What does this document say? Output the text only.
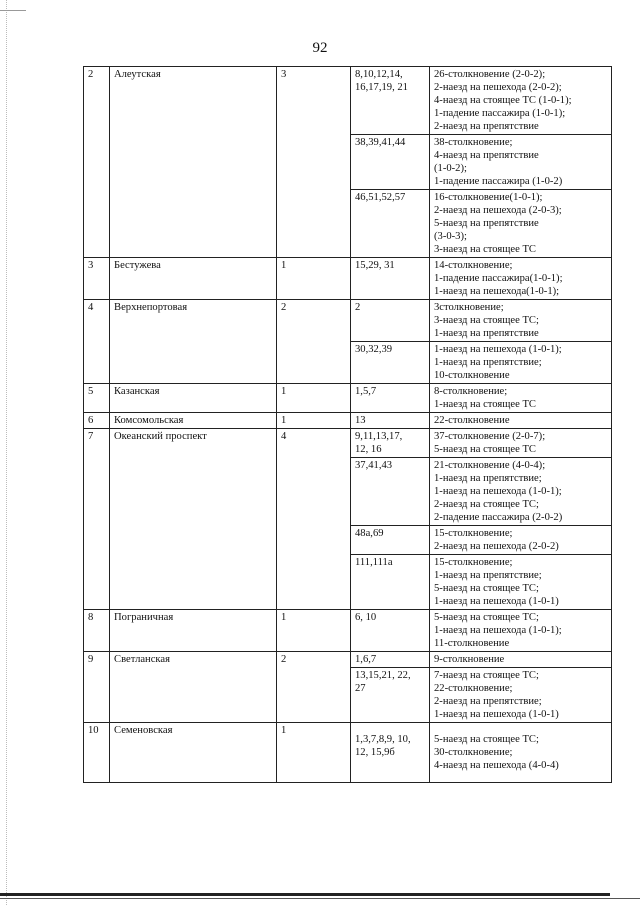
92
2	Алеутская	3	8,10,12,14,
16,17,19, 21	26-столкновение (2-0-2);
2-наезд на пешехода (2-0-2);
4-наезд на стоящее ТС (1-0-1);
1-падение пассажира (1-0-1);
2-наезд на препятствие

			38,39,41,44	38-столкновение;
4-наезд на препятствие
(1-0-2);
1-падение пассажира (1-0-2)

			46,51,52,57	16-столкновение(1-0-1);
2-наезд на пешехода (2-0-3);
5-наезд на препятствие
(3-0-3);
3-наезд на стоящее ТС

3	Бестужева	1	15,29, 31	14-столкновение;
1-падение пассажира(1-0-1);
1-наезд на пешехода(1-0-1);

4	Верхнепортовая	2	2	3столкновение;
3-наезд на стоящее ТС;
1-наезд на препятствие

			30,32,39	1-наезд на пешехода (1-0-1);
1-наезд на препятствие;
10-столкновение

5	Казанская	1	1,5,7	8-столкновение;
1-наезд на стоящее ТС

6	Комсомольская	1	13	22-столкновение

7	Океанский проспект	4	9,11,13,17,
12, 16	37-столкновение (2-0-7);
5-наезд на стоящее ТС

			37,41,43	21-столкновение (4-0-4);
1-наезд на препятствие;
1-наезд на пешехода (1-0-1);
2-наезд на стоящее ТС;
2-падение пассажира (2-0-2)

			48а,69	15-столкновение;
2-наезд на пешехода (2-0-2)

			111,111а	15-столкновение;
1-наезд на препятствие;
5-наезд на стоящее ТС;
1-наезд на пешехода (1-0-1)

8	Пограничная	1	6, 10	5-наезд на стоящее ТС;
1-наезд на пешехода (1-0-1);
11-столкновение

9	Светланская	2	1,6,7	9-столкновение

			13,15,21, 22,
27	7-наезд на стоящее ТС;
22-столкновение;
2-наезд на препятствие;
1-наезд на пешехода (1-0-1)

10	Семеновская	1	1,3,7,8,9, 10,
12, 15,9б	5-наезд на стоящее ТС;
30-столкновение;
4-наезд на пешехода (4-0-4)
